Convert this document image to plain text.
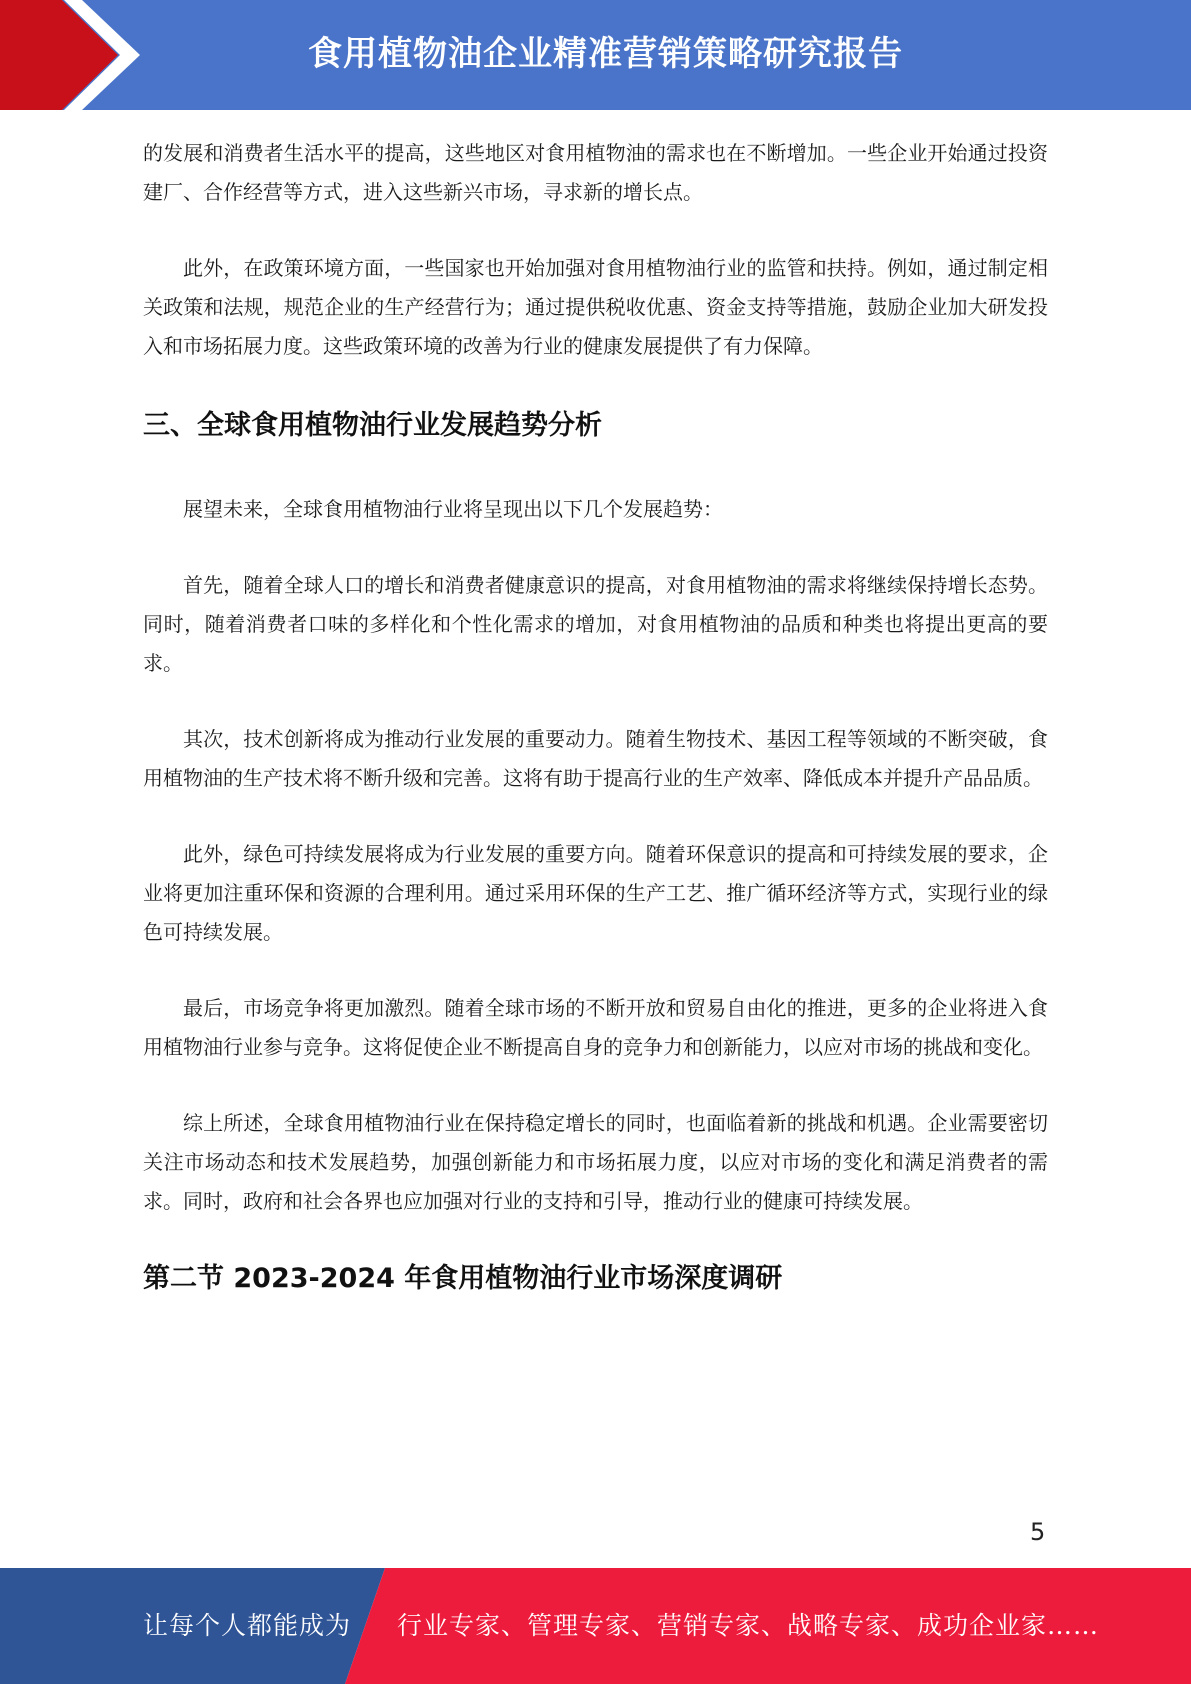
食用植物油企业精准营销策略研究报告

的发展和消费者生活水平的提高，这些地区对食用植物油的需求也在不断增加。一些企业开始通过投资建厂、合作经营等方式，进入这些新兴市场，寻求新的增长点。

此外，在政策环境方面，一些国家也开始加强对食用植物油行业的监管和扶持。例如，通过制定相关政策和法规，规范企业的生产经营行为；通过提供税收优惠、资金支持等措施，鼓励企业加大研发投入和市场拓展力度。这些政策环境的改善为行业的健康发展提供了有力保障。

三、全球食用植物油行业发展趋势分析

展望未来，全球食用植物油行业将呈现出以下几个发展趋势：

首先，随着全球人口的增长和消费者健康意识的提高，对食用植物油的需求将继续保持增长态势。同时，随着消费者口味的多样化和个性化需求的增加，对食用植物油的品质和种类也将提出更高的要求。

其次，技术创新将成为推动行业发展的重要动力。随着生物技术、基因工程等领域的不断突破，食用植物油的生产技术将不断升级和完善。这将有助于提高行业的生产效率、降低成本并提升产品品质。

此外，绿色可持续发展将成为行业发展的重要方向。随着环保意识的提高和可持续发展的要求，企业将更加注重环保和资源的合理利用。通过采用环保的生产工艺、推广循环经济等方式，实现行业的绿色可持续发展。

最后，市场竞争将更加激烈。随着全球市场的不断开放和贸易自由化的推进，更多的企业将进入食用植物油行业参与竞争。这将促使企业不断提高自身的竞争力和创新能力，以应对市场的挑战和变化。

综上所述，全球食用植物油行业在保持稳定增长的同时，也面临着新的挑战和机遇。企业需要密切关注市场动态和技术发展趋势，加强创新能力和市场拓展力度，以应对市场的变化和满足消费者的需求。同时，政府和社会各界也应加强对行业的支持和引导，推动行业的健康可持续发展。

第二节 2023-2024 年食用植物油行业市场深度调研
5
让每个人都能成为 行业专家、管理专家、营销专家、战略专家、成功企业家……
